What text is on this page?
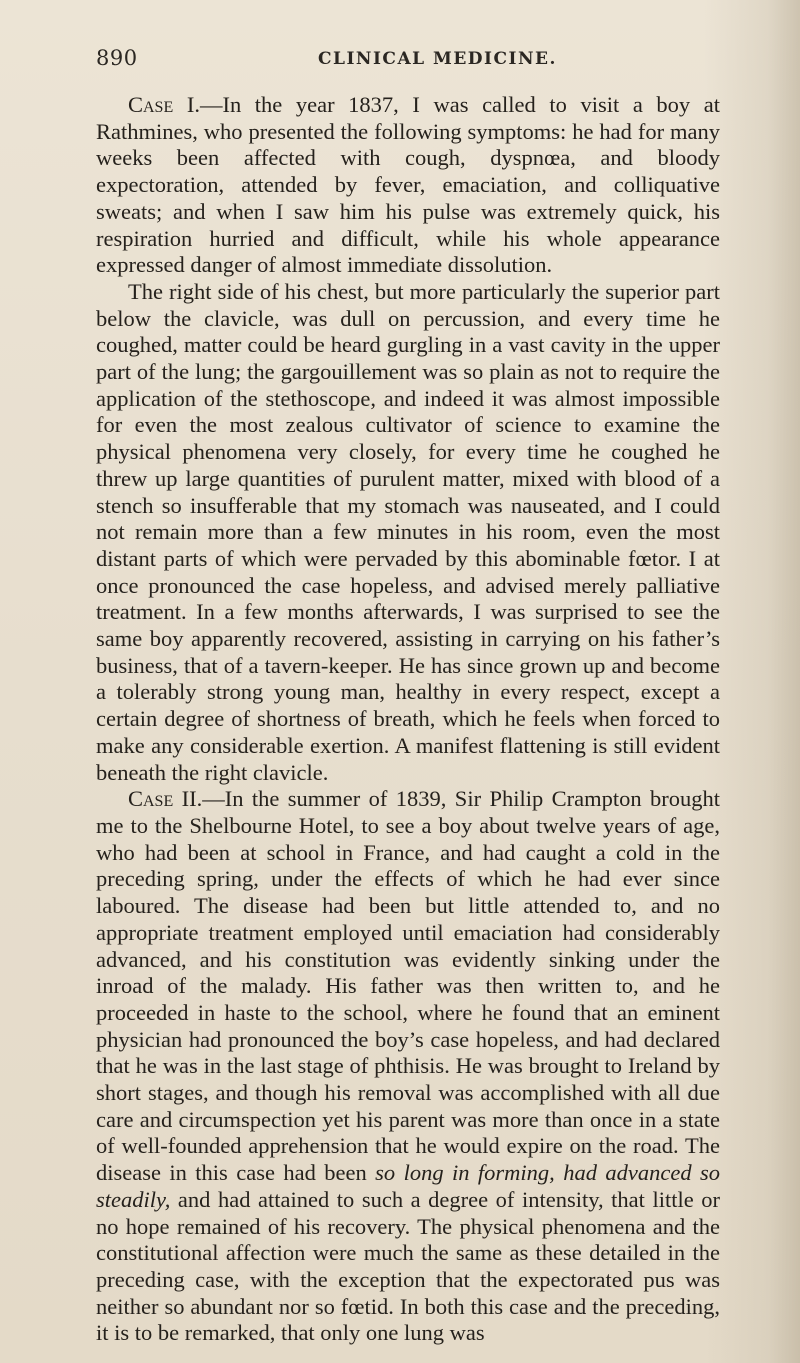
890	CLINICAL MEDICINE.

Case I.—In the year 1837, I was called to visit a boy at Rathmines, who presented the following symptoms: he had for many weeks been affected with cough, dyspnœa, and bloody expectoration, attended by fever, emaciation, and colliquative sweats; and when I saw him his pulse was extremely quick, his respiration hurried and difficult, while his whole appearance expressed danger of almost immediate dissolution.

The right side of his chest, but more particularly the superior part below the clavicle, was dull on percussion, and every time he coughed, matter could be heard gurgling in a vast cavity in the upper part of the lung; the gargouillement was so plain as not to require the application of the stethoscope, and indeed it was almost impossible for even the most zealous cultivator of science to examine the physical phenomena very closely, for every time he coughed he threw up large quantities of purulent matter, mixed with blood of a stench so insufferable that my stomach was nauseated, and I could not remain more than a few minutes in his room, even the most distant parts of which were pervaded by this abominable fœtor. I at once pronounced the case hopeless, and advised merely palliative treatment. In a few months afterwards, I was surprised to see the same boy apparently recovered, assisting in carrying on his father’s business, that of a tavern-keeper. He has since grown up and become a tolerably strong young man, healthy in every respect, except a certain degree of shortness of breath, which he feels when forced to make any considerable exertion. A manifest flattening is still evident beneath the right clavicle.

Case II.—In the summer of 1839, Sir Philip Crampton brought me to the Shelbourne Hotel, to see a boy about twelve years of age, who had been at school in France, and had caught a cold in the preceding spring, under the effects of which he had ever since laboured. The disease had been but little attended to, and no appropriate treatment employed until emaciation had considerably advanced, and his constitution was evidently sinking under the inroad of the malady. His father was then written to, and he proceeded in haste to the school, where he found that an eminent physician had pronounced the boy’s case hopeless, and had declared that he was in the last stage of phthisis. He was brought to Ireland by short stages, and though his removal was accomplished with all due care and circumspection yet his parent was more than once in a state of well-founded apprehension that he would expire on the road. The disease in this case had been so long in forming, had advanced so steadily, and had attained to such a degree of intensity, that little or no hope remained of his recovery. The physical phenomena and the constitutional affection were much the same as these detailed in the preceding case, with the exception that the expectorated pus was neither so abundant nor so fœtid. In both this case and the preceding, it is to be remarked, that only one lung was
